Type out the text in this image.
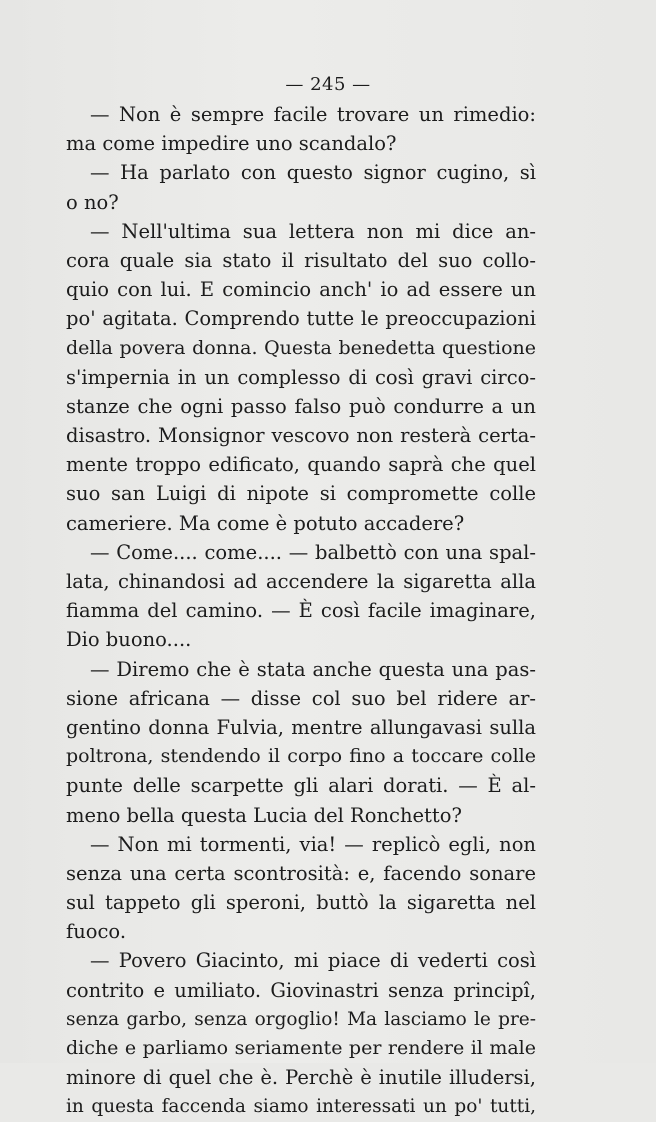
— 245 —
— Non è sempre facile trovare un rimedio:
ma come impedire uno scandalo?
— Ha parlato con questo signor cugino, sì
o no?
— Nell'ultima sua lettera non mi dice an-
cora quale sia stato il risultato del suo collo-
quio con lui. E comincio anch' io ad essere un
po' agitata. Comprendo tutte le preoccupazioni
della povera donna. Questa benedetta questione
s'impernia in un complesso di così gravi circo-
stanze che ogni passo falso può condurre a un
disastro. Monsignor vescovo non resterà certa-
mente troppo edificato, quando saprà che quel
suo san Luigi di nipote si compromette colle
cameriere. Ma come è potuto accadere?
— Come.... come.... — balbettò con una spal-
lata, chinandosi ad accendere la sigaretta alla
fiamma del camino. — È così facile imaginare,
Dio buono....
— Diremo che è stata anche questa una pas-
sione africana — disse col suo bel ridere ar-
gentino donna Fulvia, mentre allungavasi sulla
poltrona, stendendo il corpo fino a toccare colle
punte delle scarpette gli alari dorati. — È al-
meno bella questa Lucia del Ronchetto?
— Non mi tormenti, via! — replicò egli, non
senza una certa scontrosità: e, facendo sonare
sul tappeto gli speroni, buttò la sigaretta nel
fuoco.
— Povero Giacinto, mi piace di vederti così
contrito e umiliato. Giovinastri senza principî,
senza garbo, senza orgoglio! Ma lasciamo le pre-
diche e parliamo seriamente per rendere il male
minore di quel che è. Perchè è inutile illudersi,
in questa faccenda siamo interessati un po' tutti,
